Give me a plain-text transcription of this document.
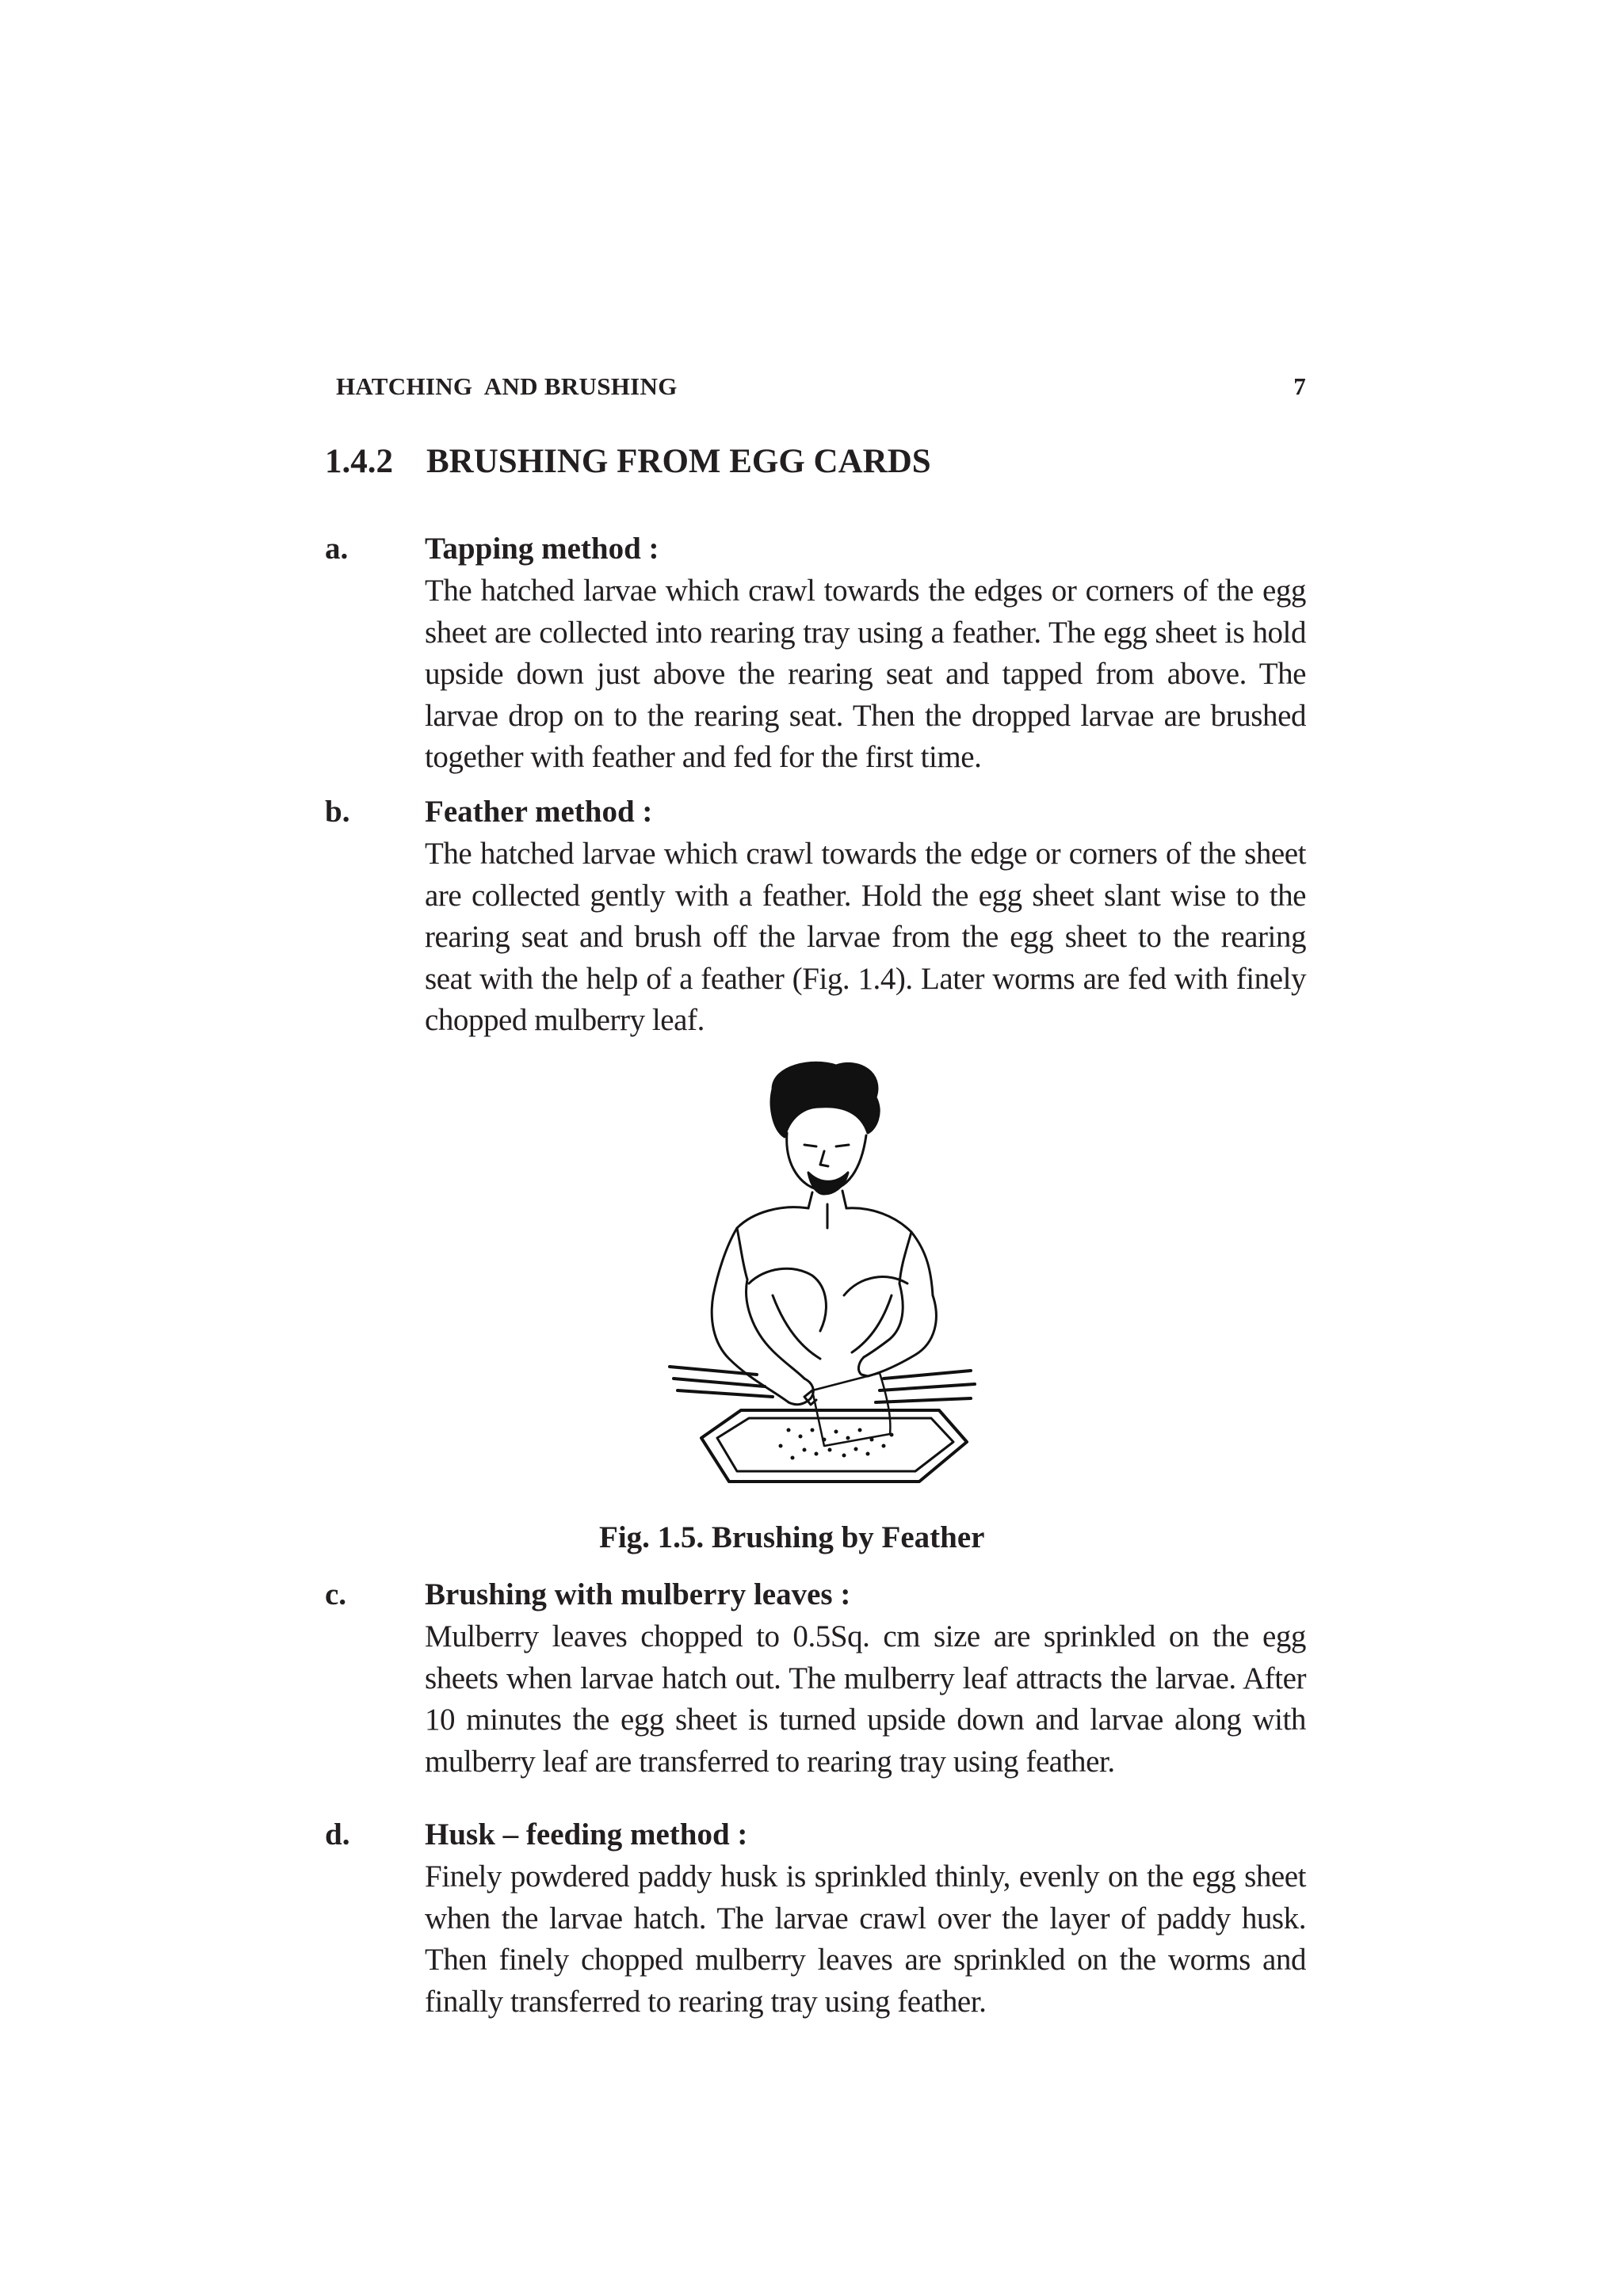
HATCHING  AND BRUSHING	7
1.4.2 BRUSHING FROM EGG CARDS
a. Tapping method :

The hatched larvae which crawl towards the edges or corners of the egg sheet are collected into rearing tray using a feather. The egg sheet is hold upside down just above the rearing seat and tapped from above. The larvae drop on to the rearing seat. Then the dropped larvae are brushed together with feather and fed for the first time.

b. Feather method :

The hatched larvae which crawl towards the edge or corners of the sheet are collected gently with a feather. Hold the egg sheet slant wise to the rearing seat and brush off the larvae from the egg sheet to the rearing seat with the help of a feather (Fig. 1.4). Later worms are fed with finely chopped mulberry leaf.

Fig. 1.5. Brushing by Feather
c.	Brushing with mulberry leaves :

Mulberry leaves chopped to 0.5Sq. cm size are sprinkled on the egg sheets when larvae hatch out. The mulberry leaf attracts the larvae. After 10 minutes the egg sheet is turned upside down and larvae along with mulberry leaf are transferred to rearing tray using feather.

d. Husk – feeding method :

Finely powdered paddy husk is sprinkled thinly, evenly on the egg sheet when the larvae hatch. The larvae crawl over the layer of paddy husk. Then finely chopped mulberry leaves are sprinkled on the worms and finally transferred to rearing tray using feather.
